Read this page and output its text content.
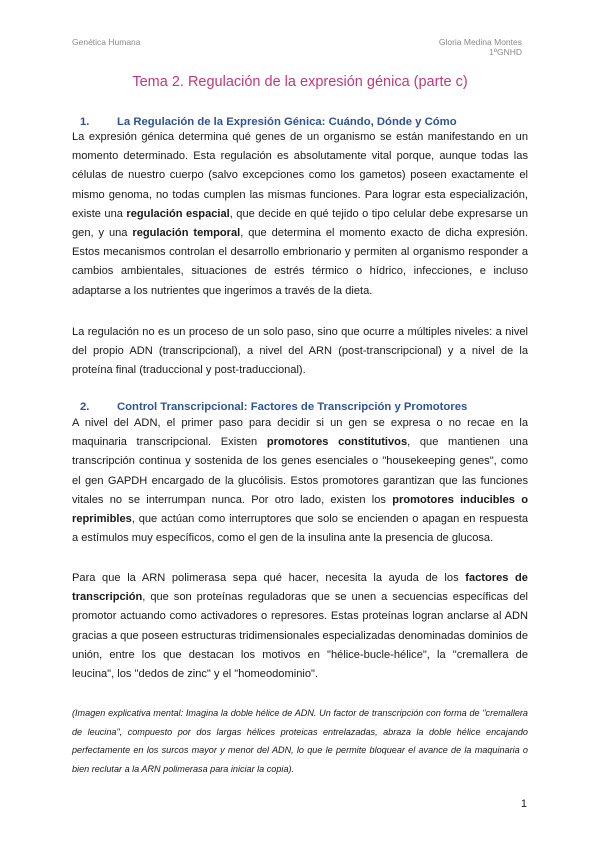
Genética Humana	Gloria Medina Montes
1ºGNHD
Tema 2. Regulación de la expresión génica (parte c)
1. La Regulación de la Expresión Génica: Cuándo, Dónde y Cómo
La expresión génica determina qué genes de un organismo se están manifestando en un momento determinado. Esta regulación es absolutamente vital porque, aunque todas las células de nuestro cuerpo (salvo excepciones como los gametos) poseen exactamente el mismo genoma, no todas cumplen las mismas funciones. Para lograr esta especialización, existe una regulación espacial, que decide en qué tejido o tipo celular debe expresarse un gen, y una regulación temporal, que determina el momento exacto de dicha expresión. Estos mecanismos controlan el desarrollo embrionario y permiten al organismo responder a cambios ambientales, situaciones de estrés térmico o hídrico, infecciones, e incluso adaptarse a los nutrientes que ingerimos a través de la dieta.
La regulación no es un proceso de un solo paso, sino que ocurre a múltiples niveles: a nivel del propio ADN (transcripcional), a nivel del ARN (post-transcripcional) y a nivel de la proteína final (traduccional y post-traduccional).
2. Control Transcripcional: Factores de Transcripción y Promotores
A nivel del ADN, el primer paso para decidir si un gen se expresa o no recae en la maquinaria transcripcional. Existen promotores constitutivos, que mantienen una transcripción continua y sostenida de los genes esenciales o "housekeeping genes", como el gen GAPDH encargado de la glucólisis. Estos promotores garantizan que las funciones vitales no se interrumpan nunca. Por otro lado, existen los promotores inducibles o reprimibles, que actúan como interruptores que solo se encienden o apagan en respuesta a estímulos muy específicos, como el gen de la insulina ante la presencia de glucosa.
Para que la ARN polimerasa sepa qué hacer, necesita la ayuda de los factores de transcripción, que son proteínas reguladoras que se unen a secuencias específicas del promotor actuando como activadores o represores. Estas proteínas logran anclarse al ADN gracias a que poseen estructuras tridimensionales especializadas denominadas dominios de unión, entre los que destacan los motivos en "hélice-bucle-hélice", la "cremallera de leucina", los "dedos de zinc" y el "homeodominio".
(Imagen explicativa mental: Imagina la doble hélice de ADN. Un factor de transcripción con forma de "cremallera de leucina", compuesto por dos largas hélices proteicas entrelazadas, abraza la doble hélice encajando perfectamente en los surcos mayor y menor del ADN, lo que le permite bloquear el avance de la maquinaria o bien reclutar a la ARN polimerasa para iniciar la copia).
1
